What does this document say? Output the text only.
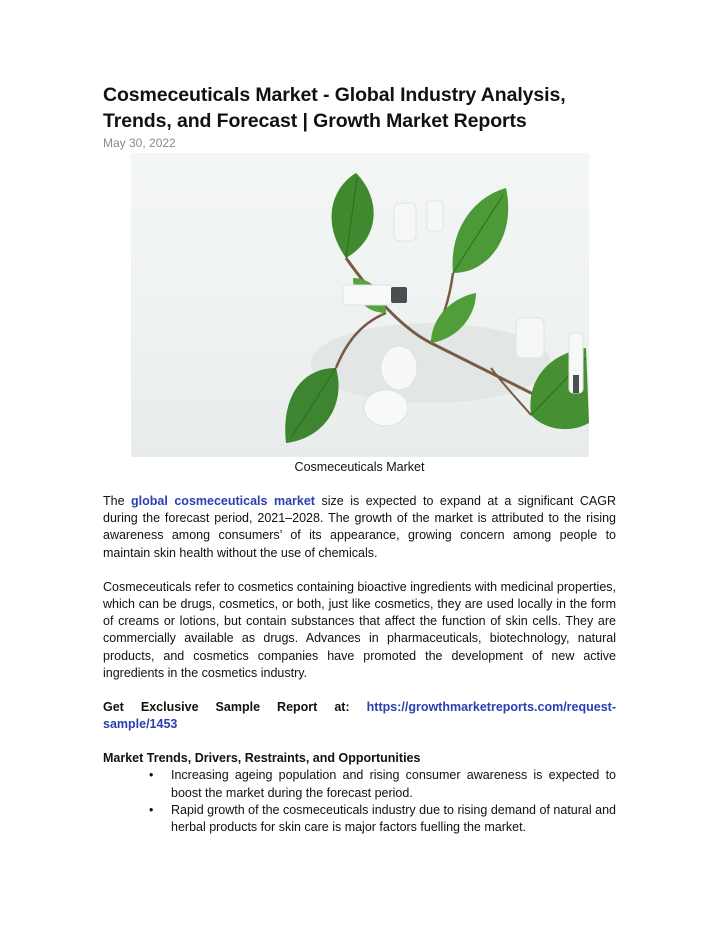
Cosmeceuticals Market - Global Industry Analysis, Trends, and Forecast | Growth Market Reports
May 30, 2022
Cosmeceuticals Market

The global cosmeceuticals market size is expected to expand at a significant CAGR during the forecast period, 2021–2028. The growth of the market is attributed to the rising awareness among consumers’ of its appearance, growing concern among people to maintain skin health without the use of chemicals.

Cosmeceuticals refer to cosmetics containing bioactive ingredients with medicinal properties, which can be drugs, cosmetics, or both, just like cosmetics, they are used locally in the form of creams or lotions, but contain substances that affect the function of skin cells. They are commercially available as drugs. Advances in pharmaceuticals, biotechnology, natural products, and cosmetics companies have promoted the development of new active ingredients in the cosmetics industry.

Get Exclusive Sample Report at: https://growthmarketreports.com/request-sample/1453
Market Trends, Drivers, Restraints, and Opportunities
• Increasing ageing population and rising consumer awareness is expected to boost the market during the forecast period.
• Rapid growth of the cosmeceuticals industry due to rising demand of natural and herbal products for skin care is major factors fuelling the market.
